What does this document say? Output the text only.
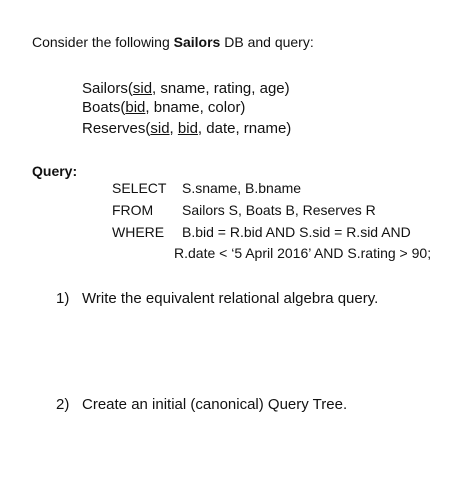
Consider the following Sailors DB and query:
Sailors(sid, sname, rating, age)
Boats(bid, bname, color)
Reserves(sid, bid, date, rname)
Query:
SELECT S.sname, B.bname
FROM Sailors S, Boats B, Reserves R
WHERE B.bid = R.bid AND S.sid = R.sid AND
R.date < ‘5 April 2016’ AND S.rating > 90;
1) Write the equivalent relational algebra query.
2) Create an initial (canonical) Query Tree.
